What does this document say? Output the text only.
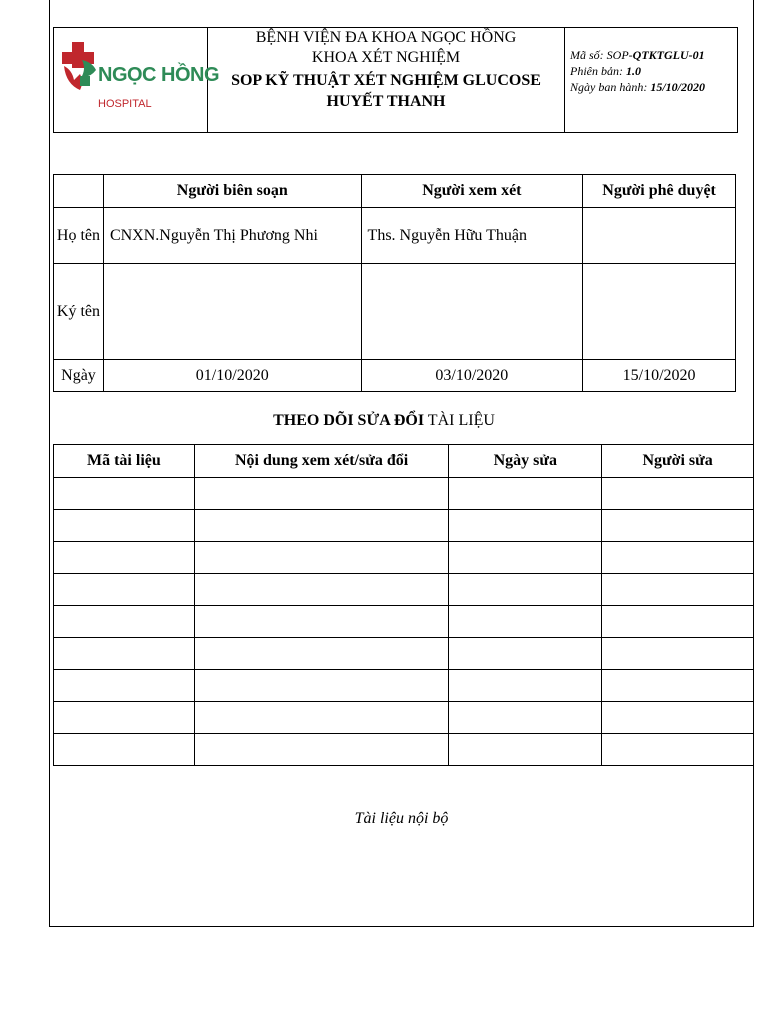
NGỌC HỒNG
HOSPITAL
BỆNH VIỆN ĐA KHOA NGỌC HỒNG
KHOA XÉT NGHIỆM
SOP KỸ THUẬT XÉT NGHIỆM GLUCOSE HUYẾT THANH
Mã số: SOP-QTKTGLU-01
Phiên bản: 1.0
Ngày ban hành: 15/10/2020
	Người biên soạn	Người xem xét	Người phê duyệt
Họ tên	CNXN.Nguyễn Thị Phương Nhi	Ths. Nguyễn Hữu Thuận	
Ký tên			
Ngày	01/10/2020	03/10/2020	15/10/2020
THEO DÕI SỬA ĐỔI TÀI LIỆU
Mã tài liệu	Nội dung xem xét/sửa đổi	Ngày sửa	Người sửa

Tài liệu nội bộ
